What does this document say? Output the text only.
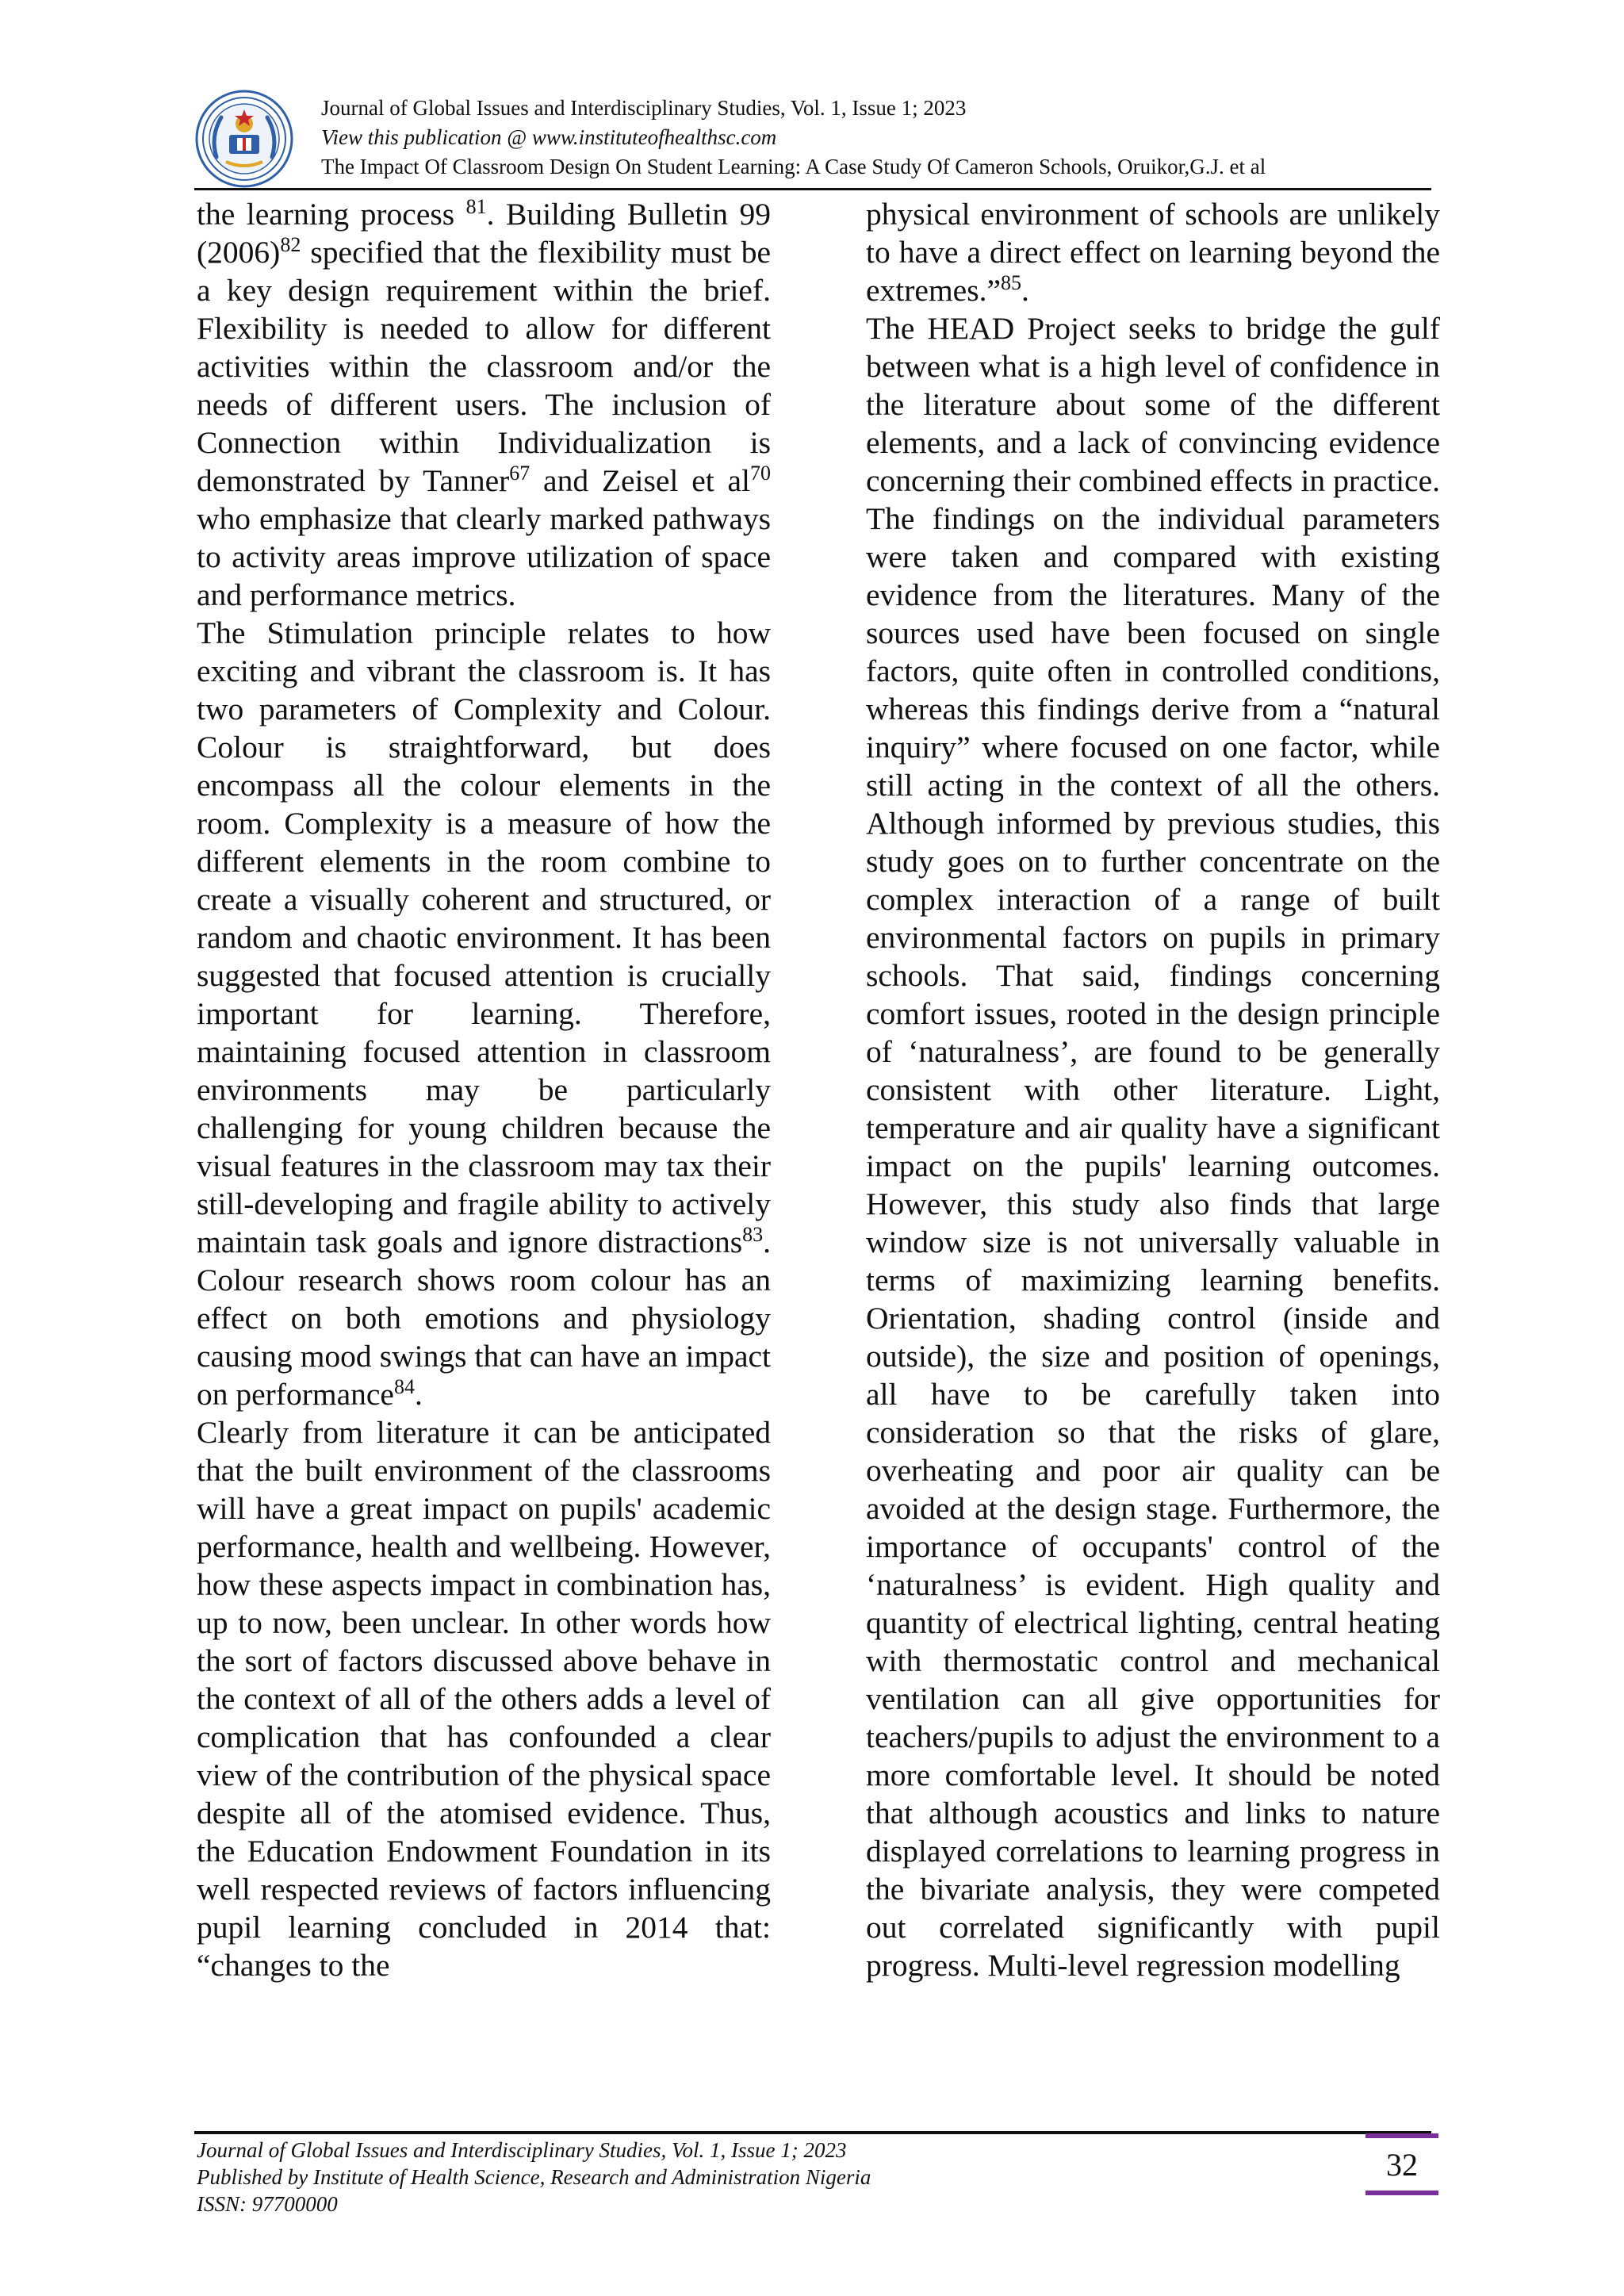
Journal of Global Issues and Interdisciplinary Studies, Vol. 1, Issue 1; 2023
View this publication @ www.instituteofhealthsc.com
The Impact Of Classroom Design On Student Learning: A Case Study Of Cameron Schools, Oruikor,G.J. et al

the learning process $^{81}$. Building Bulletin 99 $(2006)^{82}$ specified that the flexibility must be a key design requirement within the brief. Flexibility is needed to allow for different activities within the classroom and/or the needs of different users. The inclusion of Connection within Individualization is demonstrated by Tanner$^{67}$ and Zeisel et $al^{70}$ who emphasize that clearly marked pathways to activity areas improve utilization of space and performance metrics.

The Stimulation principle relates to how exciting and vibrant the classroom is. It has two parameters of Complexity and Colour. Colour is straightforward, but does encompass all the colour elements in the room. Complexity is a measure of how the different elements in the room combine to create a visually coherent and structured, or random and chaotic environment. It has been suggested that focused attention is crucially important for learning. Therefore, maintaining focused attention in classroom environments may be particularly challenging for young children because the visual features in the classroom may tax their still-developing and fragile ability to actively maintain task goals and ignore distractions$^{83}$. Colour research shows room colour has an effect on both emotions and physiology causing mood swings that can have an impact on performance$^{84}$.

Clearly from literature it can be anticipated that the built environment of the classrooms will have a great impact on pupils' academic performance, health and wellbeing. However, how these aspects impact in combination has, up to now, been unclear. In other words how the sort of factors discussed above behave in the context of all of the others adds a level of complication that has confounded a clear view of the contribution of the physical space despite all of the atomised evidence. Thus, the Education Endowment Foundation in its well respected reviews of factors influencing pupil learning concluded in 2014 that: “changes to the

physical environment of schools are unlikely to have a direct effect on learning beyond the extremes.”$^{85}$.

The HEAD Project seeks to bridge the gulf between what is a high level of confidence in the literature about some of the different elements, and a lack of convincing evidence concerning their combined effects in practice. The findings on the individual parameters were taken and compared with existing evidence from the literatures. Many of the sources used have been focused on single factors, quite often in controlled conditions, whereas this findings derive from a “natural inquiry” where focused on one factor, while still acting in the context of all the others. Although informed by previous studies, this study goes on to further concentrate on the complex interaction of a range of built environmental factors on pupils in primary schools. That said, findings concerning comfort issues, rooted in the design principle of ‘naturalness’, are found to be generally consistent with other literature. Light, temperature and air quality have a significant impact on the pupils' learning outcomes. However, this study also finds that large window size is not universally valuable in terms of maximizing learning benefits. Orientation, shading control (inside and outside), the size and position of openings, all have to be carefully taken into consideration so that the risks of glare, overheating and poor air quality can be avoided at the design stage. Furthermore, the importance of occupants' control of the ‘naturalness’ is evident. High quality and quantity of electrical lighting, central heating with thermostatic control and mechanical ventilation can all give opportunities for teachers/pupils to adjust the environment to a more comfortable level. It should be noted that although acoustics and links to nature displayed correlations to learning progress in the bivariate analysis, they were competed out correlated significantly with pupil progress. Multi-level regression modelling

Journal of Global Issues and Interdisciplinary Studies, Vol. 1, Issue 1; 2023
Published by Institute of Health Science, Research and Administration Nigeria
ISSN: 97700000
32
